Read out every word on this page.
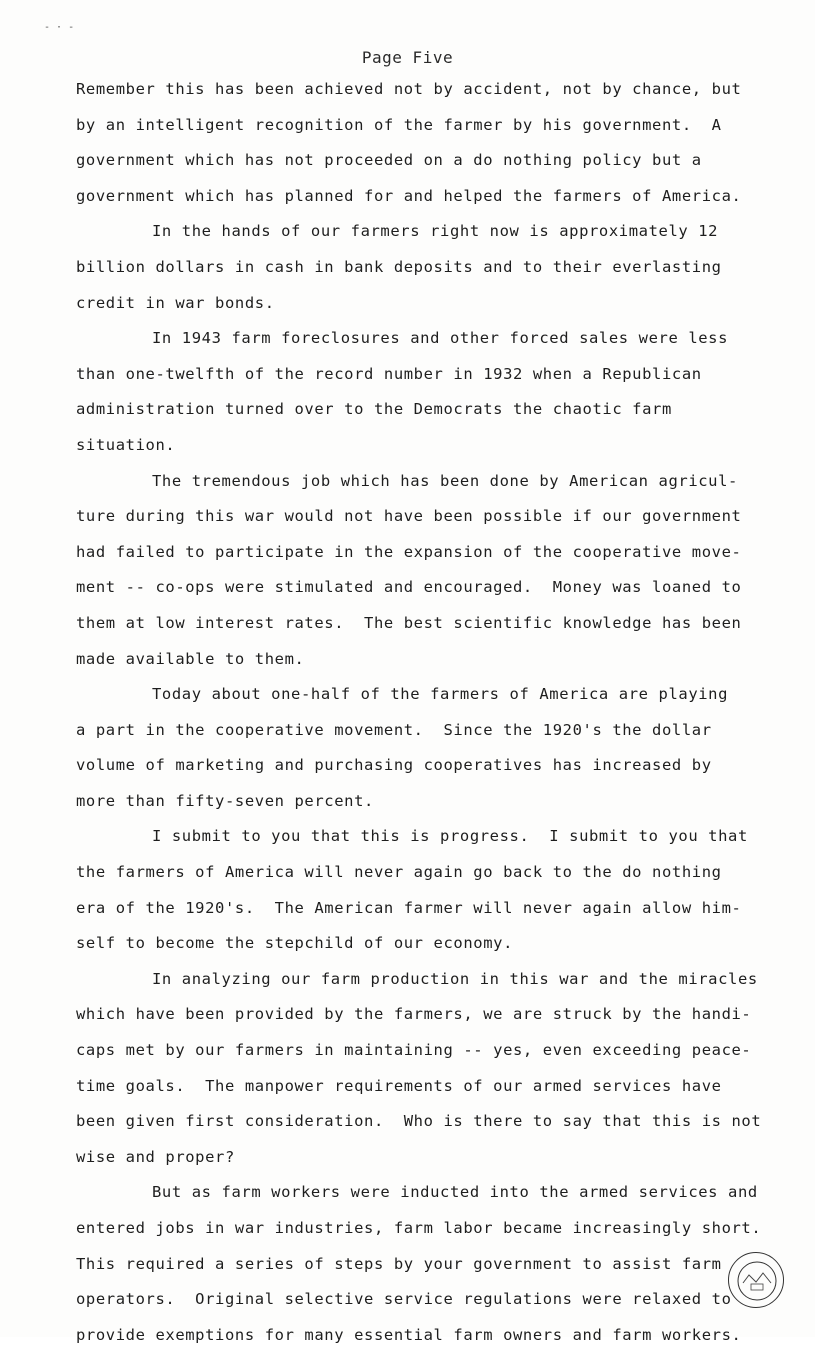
- · -
Page Five
Remember this has been achieved not by accident, not by chance, but
by an intelligent recognition of the farmer by his government.  A
government which has not proceeded on a do nothing policy but a
government which has planned for and helped the farmers of America.
In the hands of our farmers right now is approximately 12
billion dollars in cash in bank deposits and to their everlasting
credit in war bonds.
In 1943 farm foreclosures and other forced sales were less
than one-twelfth of the record number in 1932 when a Republican
administration turned over to the Democrats the chaotic farm
situation.
The tremendous job which has been done by American agricul-
ture during this war would not have been possible if our government
had failed to participate in the expansion of the cooperative move-
ment -- co-ops were stimulated and encouraged.  Money was loaned to
them at low interest rates.  The best scientific knowledge has been
made available to them.
Today about one-half of the farmers of America are playing
a part in the cooperative movement.  Since the 1920's the dollar
volume of marketing and purchasing cooperatives has increased by
more than fifty-seven percent.
I submit to you that this is progress.  I submit to you that
the farmers of America will never again go back to the do nothing
era of the 1920's.  The American farmer will never again allow him-
self to become the stepchild of our economy.
In analyzing our farm production in this war and the miracles
which have been provided by the farmers, we are struck by the handi-
caps met by our farmers in maintaining -- yes, even exceeding peace-
time goals.  The manpower requirements of our armed services have
been given first consideration.  Who is there to say that this is not
wise and proper?
But as farm workers were inducted into the armed services and
entered jobs in war industries, farm labor became increasingly short.
This required a series of steps by your government to assist farm
operators.  Original selective service regulations were relaxed to
provide exemptions for many essential farm owners and farm workers.
